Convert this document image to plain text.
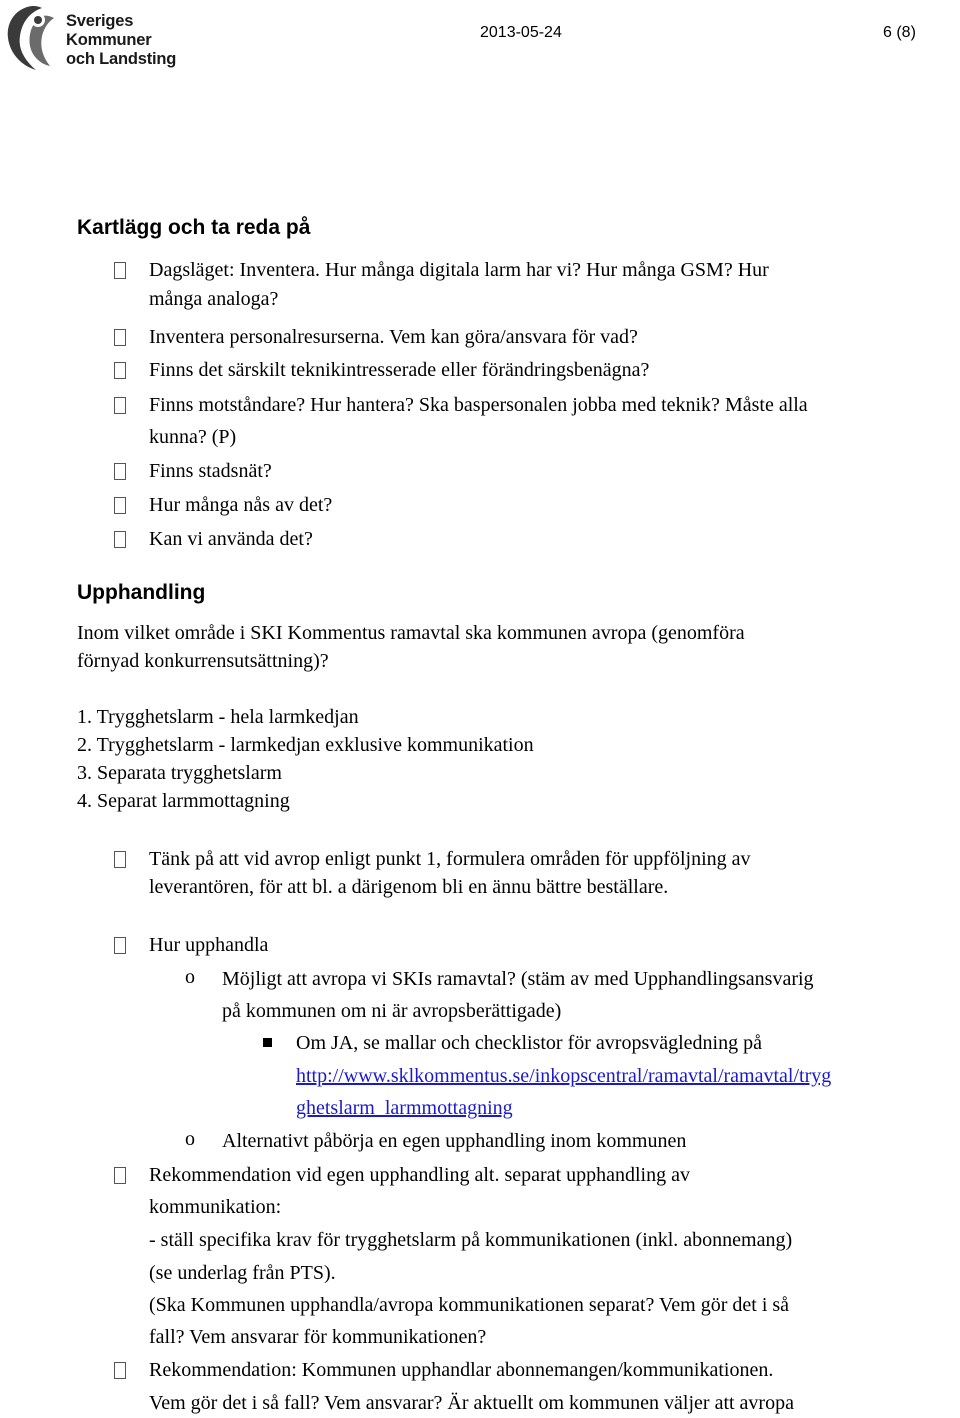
Sveriges
Kommuner
och Landsting
2013-05-24	6 (8)
Kartlägg och ta reda på
Dagsläget: Inventera. Hur många digitala larm har vi? Hur många GSM? Hur
många analoga?
Inventera personalresurserna. Vem kan göra/ansvara för vad?
Finns det särskilt teknikintresserade eller förändringsbenägna?
Finns motståndare? Hur hantera? Ska baspersonalen jobba med teknik? Måste alla
kunna? (P)
Finns stadsnät?
Hur många nås av det?
Kan vi använda det?
Upphandling
Inom vilket område i SKI Kommentus ramavtal ska kommunen avropa (genomföra
förnyad konkurrensutsättning)?
1. Trygghetslarm - hela larmkedjan
2. Trygghetslarm - larmkedjan exklusive kommunikation
3. Separata trygghetslarm
4. Separat larmmottagning
Tänk på att vid avrop enligt punkt 1, formulera områden för uppföljning av
leverantören, för att bl. a därigenom bli en ännu bättre beställare.
Hur upphandla
o Möjligt att avropa vi SKIs ramavtal? (stäm av med Upphandlingsansvarig
på kommunen om ni är avropsberättigade)
Om JA, se mallar och checklistor för avropsvägledning på
http://www.sklkommentus.se/inkopscentral/ramavtal/ramavtal/tryg
ghetslarm_larmmottagning
o Alternativt påbörja en egen upphandling inom kommunen
Rekommendation vid egen upphandling alt. separat upphandling av
kommunikation:
- ställ specifika krav för trygghetslarm på kommunikationen (inkl. abonnemang)
(se underlag från PTS).
(Ska Kommunen upphandla/avropa kommunikationen separat? Vem gör det i så
fall? Vem ansvarar för kommunikationen?
Rekommendation: Kommunen upphandlar abonnemangen/kommunikationen.
Vem gör det i så fall? Vem ansvarar? Är aktuellt om kommunen väljer att avropa
